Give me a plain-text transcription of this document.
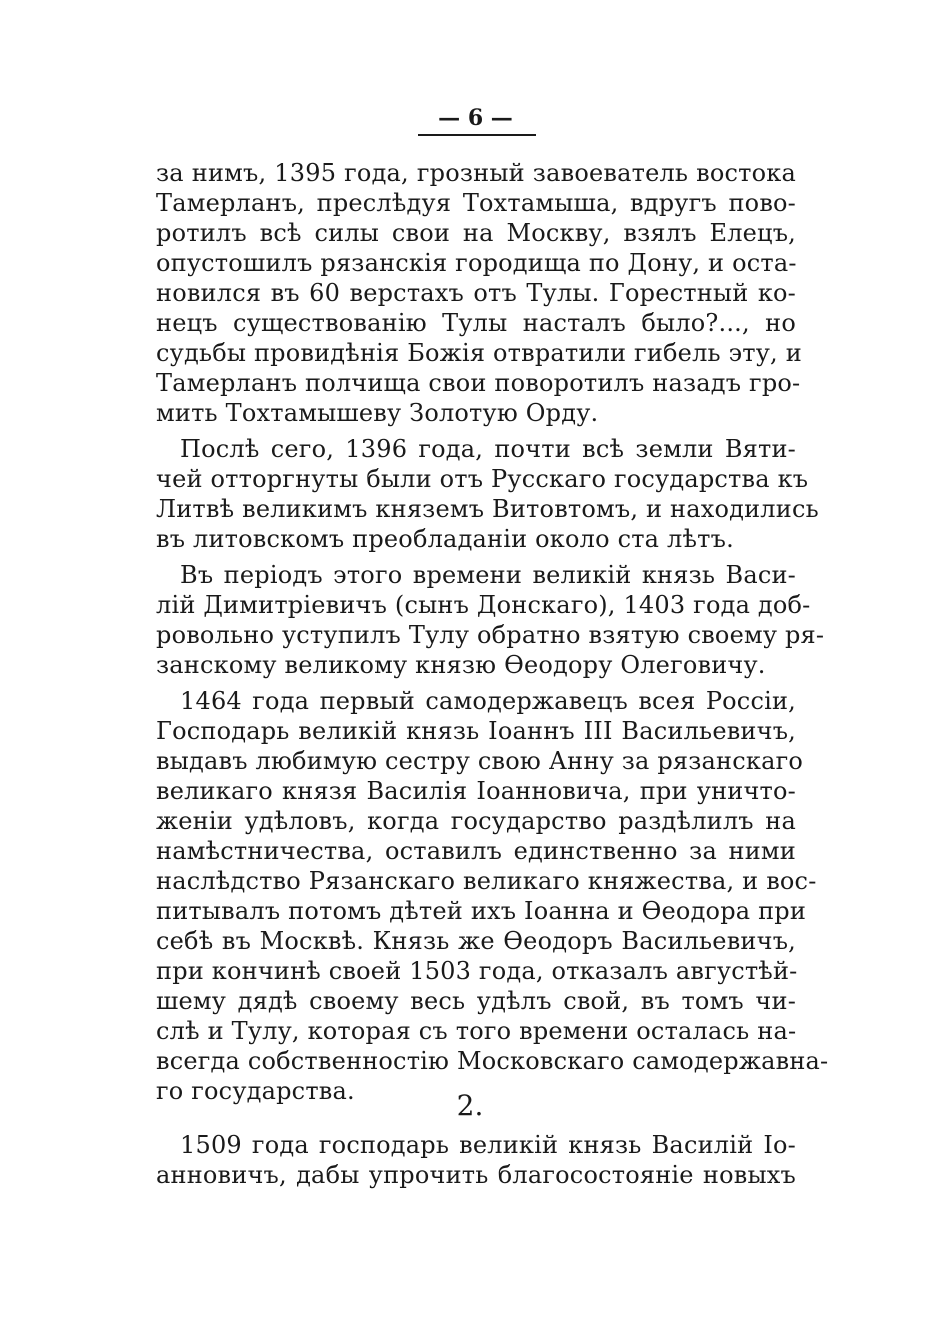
— 6 —
за нимъ, 1395 года, грозный завоеватель востока
Тамерланъ, преслѣдуя Тохтамыша, вдругъ пово-
ротилъ всѣ силы свои на Москву, взялъ Елецъ,
опустошилъ рязанскія городища по Дону, и оста-
новился въ 60 верстахъ отъ Тулы. Горестный ко-
нецъ существованію Тулы насталъ было?..., но
судьбы провидѣнія Божія отвратили гибель эту, и
Тамерланъ полчища свои поворотилъ назадъ гро-
мить Тохтамышеву Золотую Орду.
Послѣ сего, 1396 года, почти всѣ земли Вяти-
чей отторгнуты были отъ Русскаго государства къ
Литвѣ великимъ княземъ Витовтомъ, и находились
въ литовскомъ преобладаніи около ста лѣтъ.
Въ періодъ этого времени великій князь Васи-
лій Димитріевичъ (сынъ Донскаго), 1403 года доб-
ровольно уступилъ Тулу обратно взятую своему ря-
занскому великому князю Ѳеодору Олеговичу.
1464 года первый самодержавецъ всея Россіи,
Господарь великій князь Іоаннъ III Васильевичъ,
выдавъ любимую сестру свою Анну за рязанскаго
великаго князя Василія Іоанновича, при уничто-
женіи удѣловъ, когда государство раздѣлилъ на
намѣстничества, оставилъ единственно за ними
наслѣдство Рязанскаго великаго княжества, и вос-
питывалъ потомъ дѣтей ихъ Іоанна и Ѳеодора при
себѣ въ Москвѣ. Князь же Ѳеодоръ Васильевичъ,
при кончинѣ своей 1503 года, отказалъ августѣй-
шему дядѣ своему весь удѣлъ свой, въ томъ чи-
слѣ и Тулу, которая съ того времени осталась на-
всегда собственностію Московскаго самодержавна-
го государства.	2.
1509 года господарь великій князь Василій Іо-
анновичъ, дабы упрочить благосостояніе новыхъ
